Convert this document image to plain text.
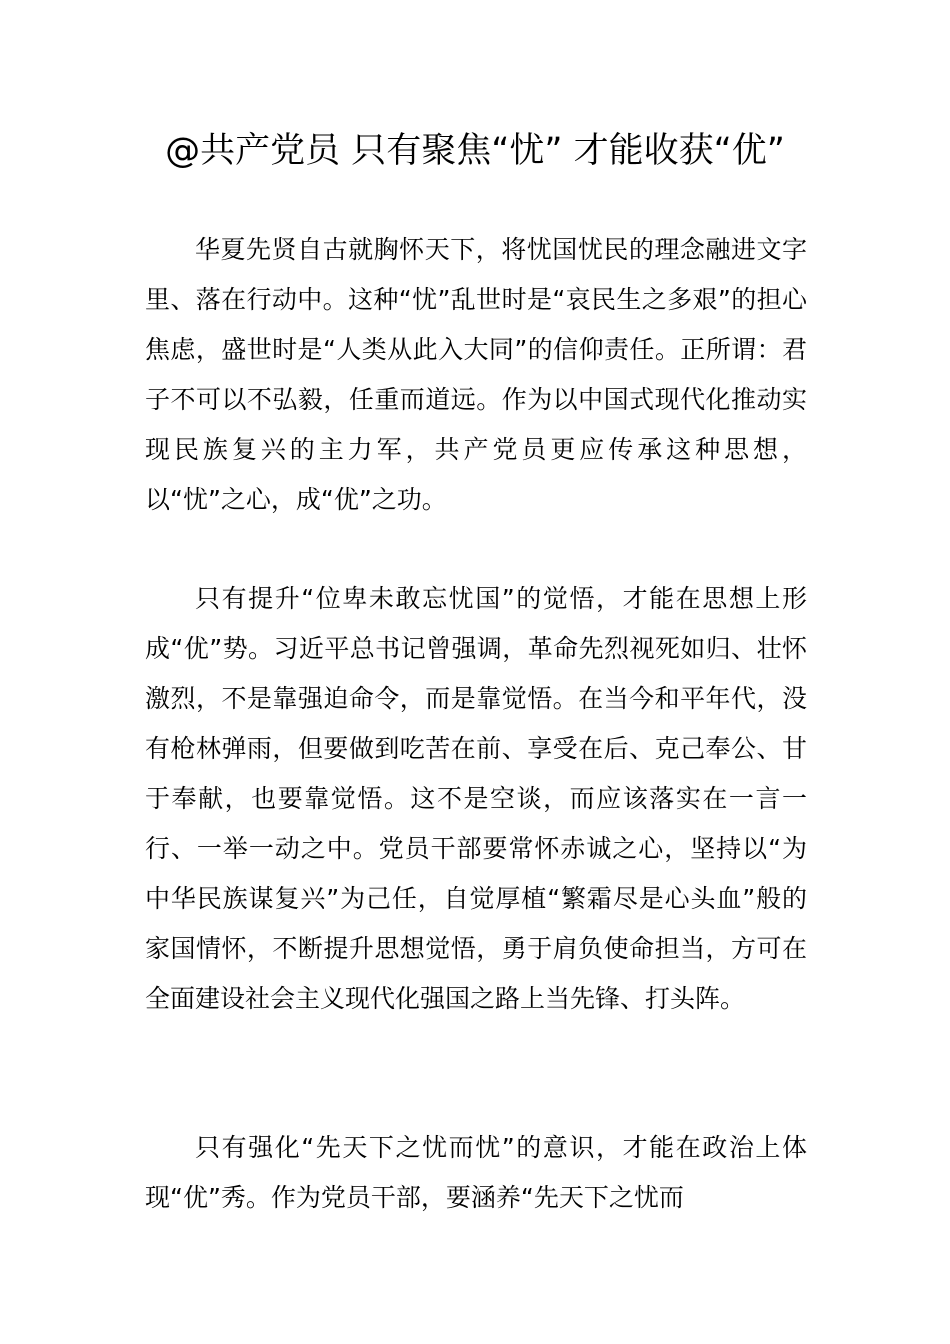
@共产党员 只有聚焦“忧” 才能收获“优”

华夏先贤自古就胸怀天下，将忧国忧民的理念融进文字里、落在行动中。这种“忧”乱世时是“哀民生之多艰”的担心焦虑，盛世时是“人类从此入大同”的信仰责任。正所谓：君子不可以不弘毅，任重而道远。作为以中国式现代化推动实现民族复兴的主力军，共产党员更应传承这种思想，以“忧”之心，成“优”之功。

只有提升“位卑未敢忘忧国”的觉悟，才能在思想上形成“优”势。习近平总书记曾强调，革命先烈视死如归、壮怀激烈，不是靠强迫命令，而是靠觉悟。在当今和平年代，没有枪林弹雨，但要做到吃苦在前、享受在后、克己奉公、甘于奉献，也要靠觉悟。这不是空谈，而应该落实在一言一行、一举一动之中。党员干部要常怀赤诚之心，坚持以“为中华民族谋复兴”为己任，自觉厚植“繁霜尽是心头血”般的家国情怀，不断提升思想觉悟，勇于肩负使命担当，方可在全面建设社会主义现代化强国之路上当先锋、打头阵。

只有强化“先天下之忧而忧”的意识，才能在政治上体现“优”秀。作为党员干部，要涵养“先天下之忧而
